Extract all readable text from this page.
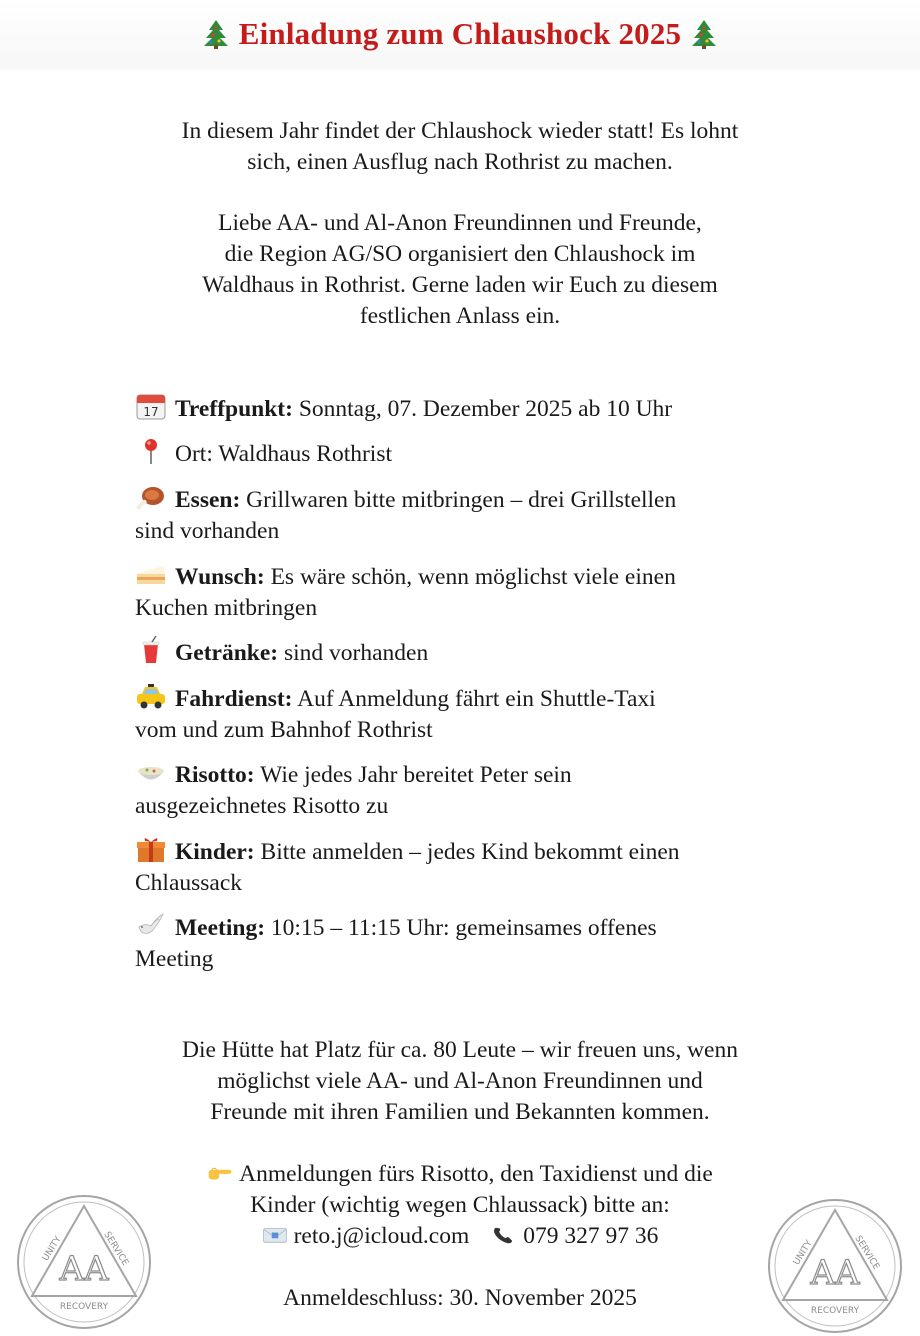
Einladung zum Chlaushock 2025
In diesem Jahr findet der Chlaushock wieder statt! Es lohnt
sich, einen Ausflug nach Rothrist zu machen.
Liebe AA- und Al-Anon Freundinnen und Freunde,
die Region AG/SO organisiert den Chlaushock im
Waldhaus in Rothrist. Gerne laden wir Euch zu diesem
festlichen Anlass ein.
17 Treffpunkt: Sonntag, 07. Dezember 2025 ab 10 Uhr
Ort: Waldhaus Rothrist
Essen: Grillwaren bitte mitbringen – drei Grillstellen
sind vorhanden
Wunsch: Es wäre schön, wenn möglichst viele einen
Kuchen mitbringen
Getränke: sind vorhanden
Fahrdienst: Auf Anmeldung fährt ein Shuttle-Taxi
vom und zum Bahnhof Rothrist
Risotto: Wie jedes Jahr bereitet Peter sein
ausgezeichnetes Risotto zu
Kinder: Bitte anmelden – jedes Kind bekommt einen
Chlaussack
Meeting: 10:15 – 11:15 Uhr: gemeinsames offenes
Meeting
Die Hütte hat Platz für ca. 80 Leute – wir freuen uns, wenn
möglichst viele AA- und Al-Anon Freundinnen und
Freunde mit ihren Familien und Bekannten kommen.
Anmeldungen fürs Risotto, den Taxidienst und die
Kinder (wichtig wegen Chlaussack) bitte an:
reto.j@icloud.com 079 327 97 36
Anmeldeschluss: 30. November 2025
AA
UNITY	SERVICE
RECOVERY
AA
UNITY	SERVICE
RECOVERY
